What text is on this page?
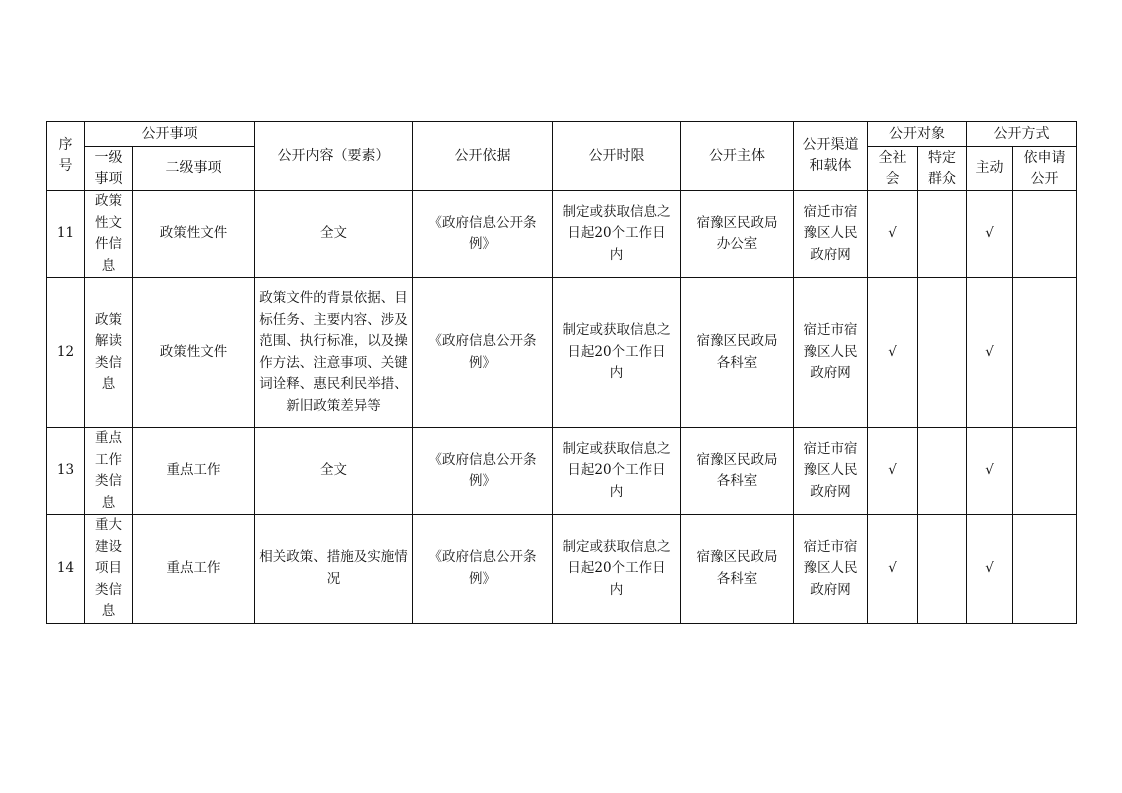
序号	公开事项		公开内容（要素）	公开依据	公开时限	公开主体	公开渠道和载体	公开对象		公开方式	
	一级事项	二级事项						全社会	特定群众	主动	依申请公开
11	政策性文件信息	政策性文件	全文	《政府信息公开条例》	制定或获取信息之日起20个工作日内	宿豫区民政局办公室	宿迁市宿豫区人民政府网	√		√	
12	政策解读类信息	政策性文件	政策文件的背景依据、目标任务、主要内容、涉及范围、执行标准，以及操作方法、注意事项、关键词诠释、惠民利民举措、新旧政策差异等	《政府信息公开条例》	制定或获取信息之日起20个工作日内	宿豫区民政局各科室	宿迁市宿豫区人民政府网	√		√	
13	重点工作类信息	重点工作	全文	《政府信息公开条例》	制定或获取信息之日起20个工作日内	宿豫区民政局各科室	宿迁市宿豫区人民政府网	√		√	
14	重大建设项目类信息	重点工作	相关政策、措施及实施情况	《政府信息公开条例》	制定或获取信息之日起20个工作日内	宿豫区民政局各科室	宿迁市宿豫区人民政府网	√		√	
